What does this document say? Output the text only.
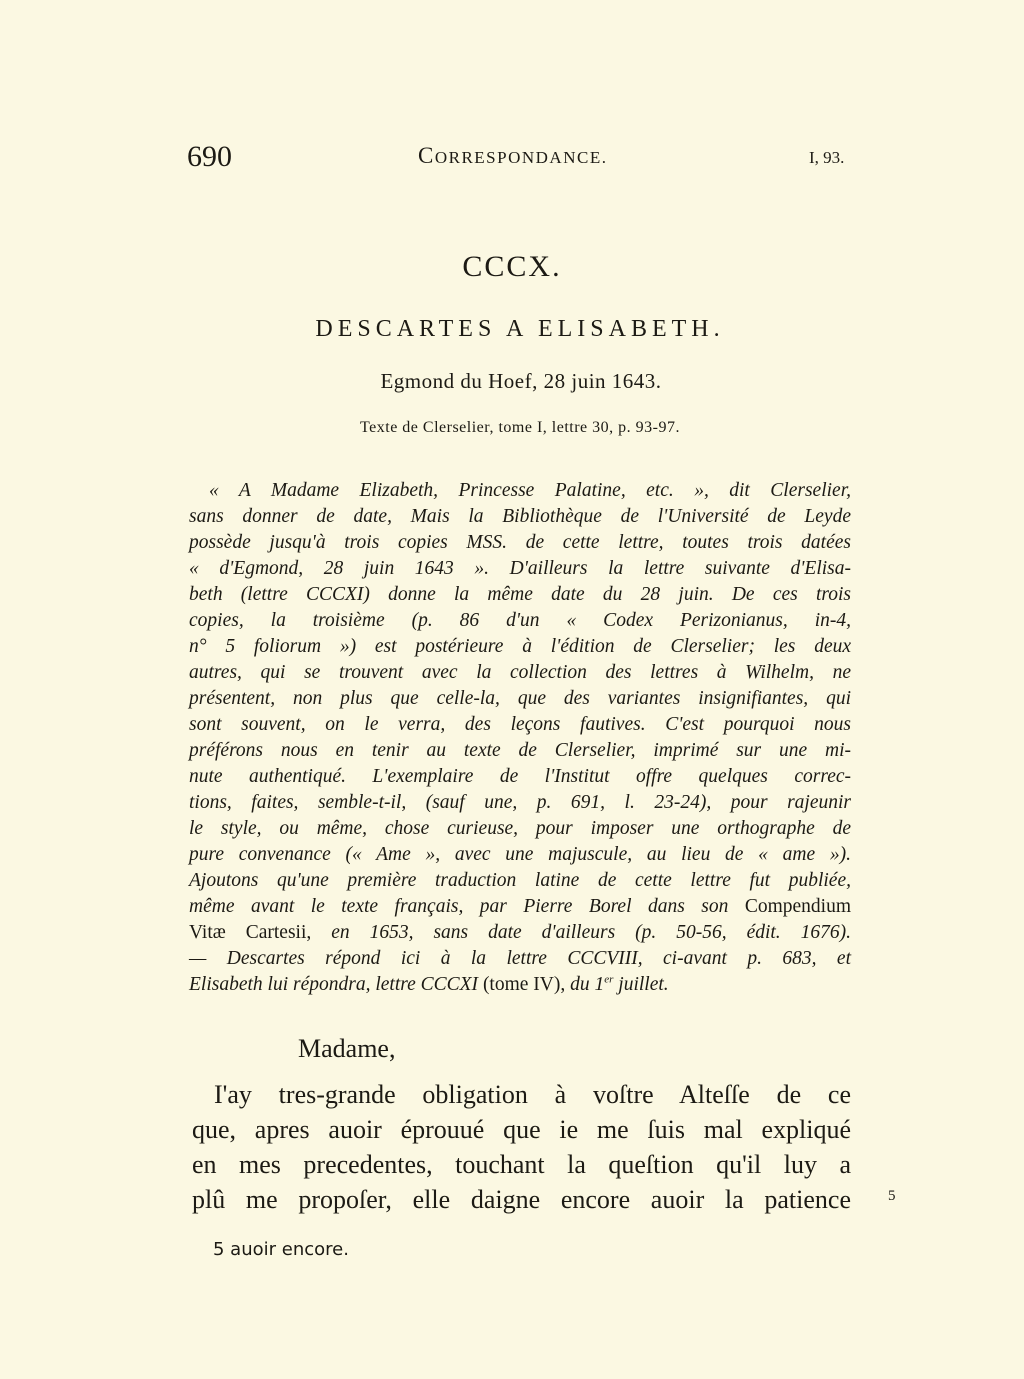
690	CORRESPONDANCE.	I, 93.
CCCX.
DESCARTES A ELISABETH.
Egmond du Hoef, 28 juin 1643.
Texte de Clerselier, tome I, lettre 30, p. 93-97.
« A Madame Elizabeth, Princesse Palatine, etc. », dit Clerselier,
sans donner de date, Mais la Bibliothèque de l'Université de Leyde
possède jusqu'à trois copies MSS. de cette lettre, toutes trois datées
« d'Egmond, 28 juin 1643 ». D'ailleurs la lettre suivante d'Elisa-
beth (lettre CCCXI) donne la même date du 28 juin. De ces trois
copies, la troisième (p. 86 d'un « Codex Perizonianus, in-4,
n° 5 foliorum ») est postérieure à l'édition de Clerselier; les deux
autres, qui se trouvent avec la collection des lettres à Wilhelm, ne
présentent, non plus que celle-la, que des variantes insignifiantes, qui
sont souvent, on le verra, des leçons fautives. C'est pourquoi nous
préférons nous en tenir au texte de Clerselier, imprimé sur une mi-
nute authentiqué. L'exemplaire de l'Institut offre quelques correc-
tions, faites, semble-t-il, (sauf une, p. 691, l. 23-24), pour rajeunir
le style, ou même, chose curieuse, pour imposer une orthographe de
pure convenance (« Ame », avec une majuscule, au lieu de « ame »).
Ajoutons qu'une première traduction latine de cette lettre fut publiée,
même avant le texte français, par Pierre Borel dans son Compendium
Vitæ Cartesii, en 1653, sans date d'ailleurs (p. 50-56, édit. 1676).
— Descartes répond ici à la lettre CCCVIII, ci-avant p. 683, et
Elisabeth lui répondra, lettre CCCXI (tome IV), du 1er juillet.
Madame,
I'ay tres-grande obligation à voſtre Alteſſe de ce
que, apres auoir éprouué que ie me ſuis mal expliqué
en mes precedentes, touchant la queſtion qu'il luy a
plû me propoſer, elle daigne encore auoir la patience 5
5 auoir encore.
